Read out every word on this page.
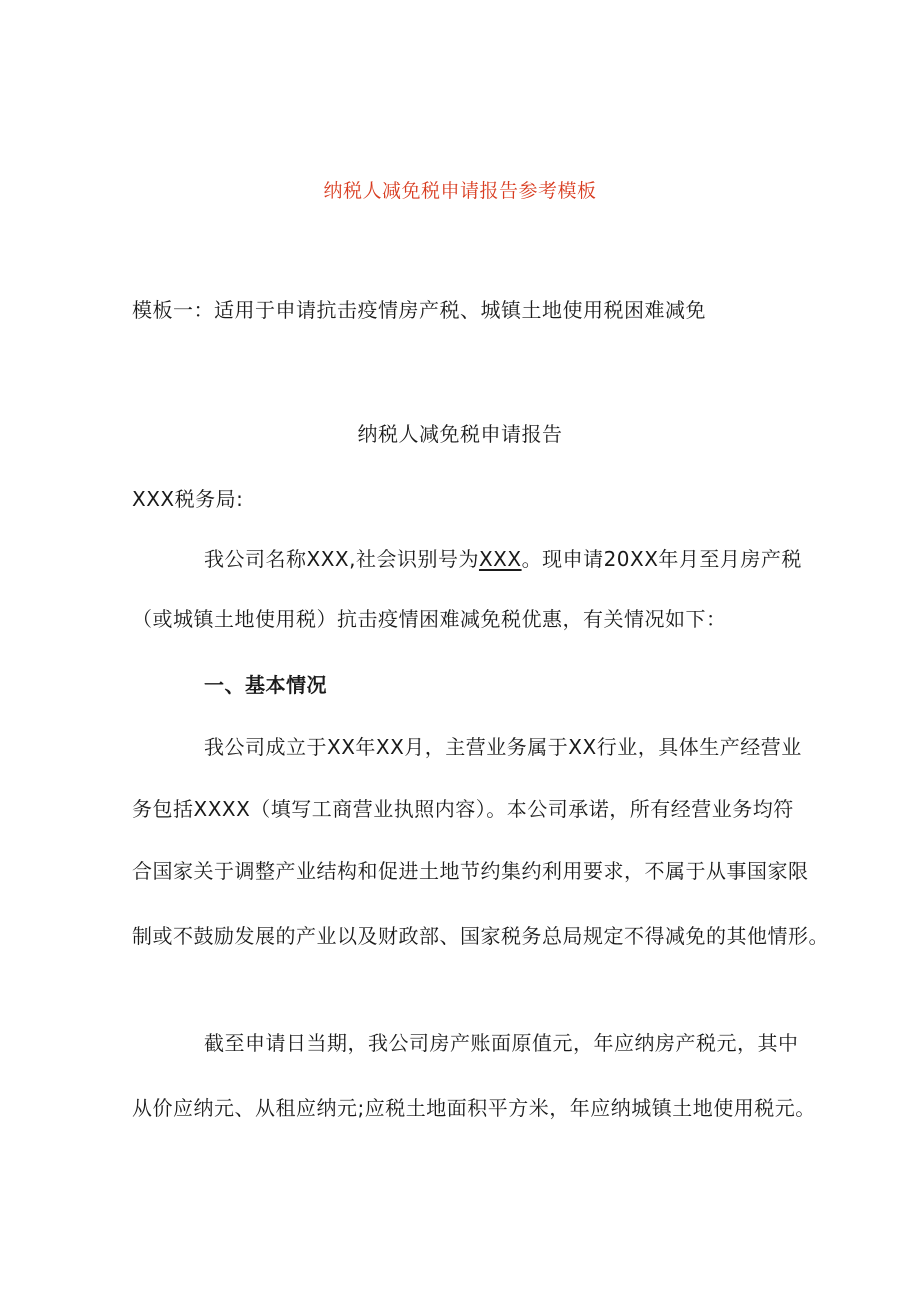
纳税人减免税申请报告参考模板
模板一：适用于申请抗击疫情房产税、城镇土地使用税困难减免
纳税人减免税申请报告
XXX税务局:
我公司名称XXX,社会识别号为XXX。现申请20XX年月至月房产税
（或城镇土地使用税）抗击疫情困难减免税优惠，有关情况如下：
一、基本情况
我公司成立于XX年XX月，主营业务属于XX行业，具体生产经营业
务包括XXXX（填写工商营业执照内容）。本公司承诺，所有经营业务均符
合国家关于调整产业结构和促进土地节约集约利用要求，不属于从事国家限
制或不鼓励发展的产业以及财政部、国家税务总局规定不得减免的其他情形。
截至申请日当期，我公司房产账面原值元，年应纳房产税元，其中
从价应纳元、从租应纳元;应税土地面积平方米，年应纳城镇土地使用税元。
